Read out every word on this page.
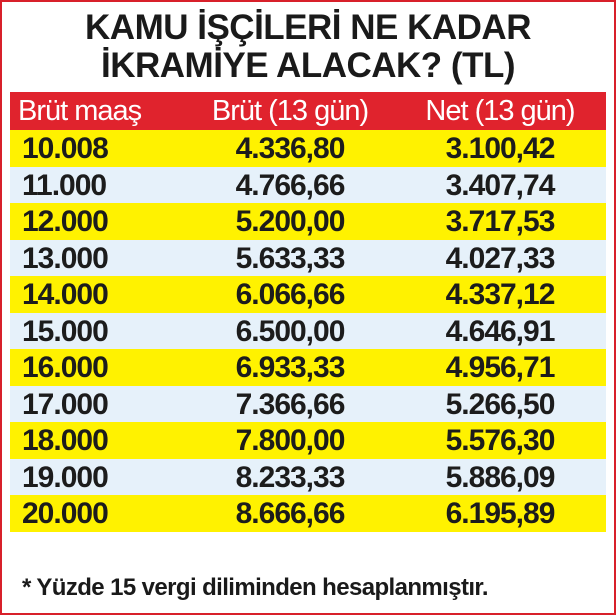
KAMU İŞÇİLERİ NE KADAR
İKRAMİYE ALACAK? (TL)
Brüt maaş	Brüt (13 gün)	Net (13 gün)
10.008	4.336,80	3.100,42
11.000	4.766,66	3.407,74
12.000	5.200,00	3.717,53
13.000	5.633,33	4.027,33
14.000	6.066,66	4.337,12
15.000	6.500,00	4.646,91
16.000	6.933,33	4.956,71
17.000	7.366,66	5.266,50
18.000	7.800,00	5.576,30
19.000	8.233,33	5.886,09
20.000	8.666,66	6.195,89
* Yüzde 15 vergi diliminden hesaplanmıştır.
